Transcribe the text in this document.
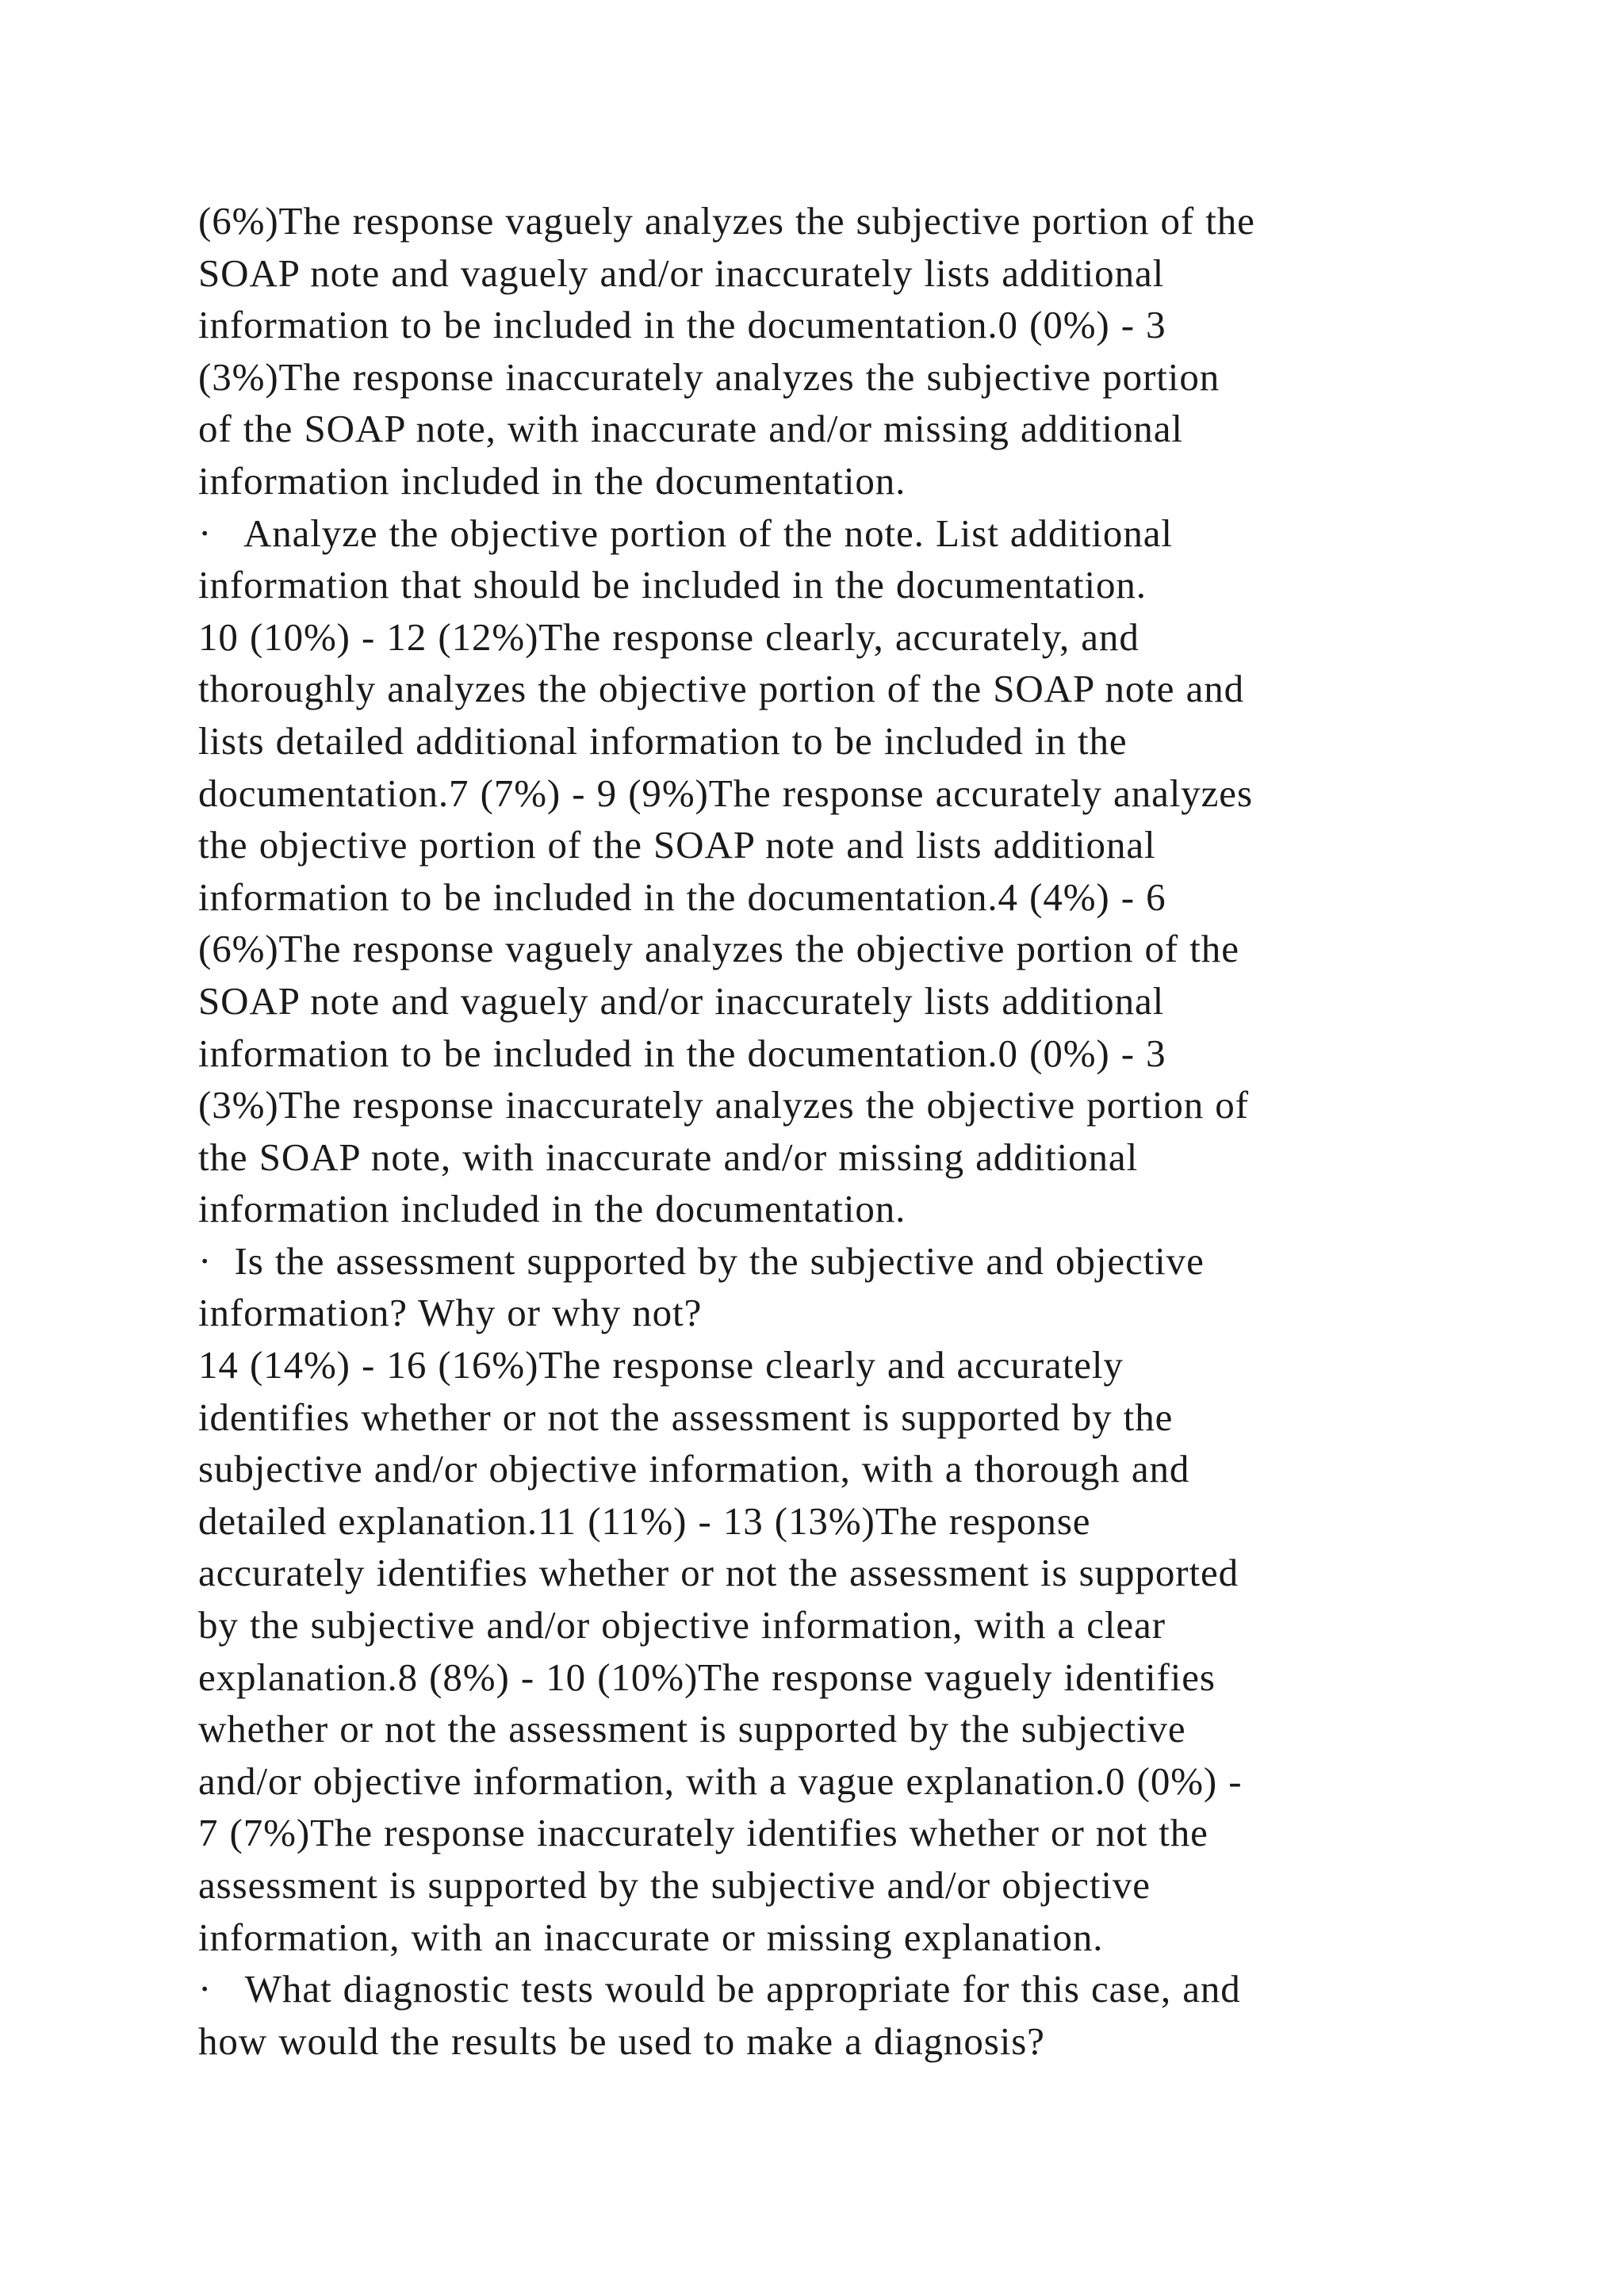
(6%)The response vaguely analyzes the subjective portion of the
SOAP note and vaguely and/or inaccurately lists additional
information to be included in the documentation.0 (0%) - 3
(3%)The response inaccurately analyzes the subjective portion
of the SOAP note, with inaccurate and/or missing additional
information included in the documentation.
·   Analyze the objective portion of the note. List additional
information that should be included in the documentation.
10 (10%) - 12 (12%)The response clearly, accurately, and
thoroughly analyzes the objective portion of the SOAP note and
lists detailed additional information to be included in the
documentation.7 (7%) - 9 (9%)The response accurately analyzes
the objective portion of the SOAP note and lists additional
information to be included in the documentation.4 (4%) - 6
(6%)The response vaguely analyzes the objective portion of the
SOAP note and vaguely and/or inaccurately lists additional
information to be included in the documentation.0 (0%) - 3
(3%)The response inaccurately analyzes the objective portion of
the SOAP note, with inaccurate and/or missing additional
information included in the documentation.
·  Is the assessment supported by the subjective and objective
information? Why or why not?
14 (14%) - 16 (16%)The response clearly and accurately
identifies whether or not the assessment is supported by the
subjective and/or objective information, with a thorough and
detailed explanation.11 (11%) - 13 (13%)The response
accurately identifies whether or not the assessment is supported
by the subjective and/or objective information, with a clear
explanation.8 (8%) - 10 (10%)The response vaguely identifies
whether or not the assessment is supported by the subjective
and/or objective information, with a vague explanation.0 (0%) -
7 (7%)The response inaccurately identifies whether or not the
assessment is supported by the subjective and/or objective
information, with an inaccurate or missing explanation.
·   What diagnostic tests would be appropriate for this case, and
how would the results be used to make a diagnosis?
